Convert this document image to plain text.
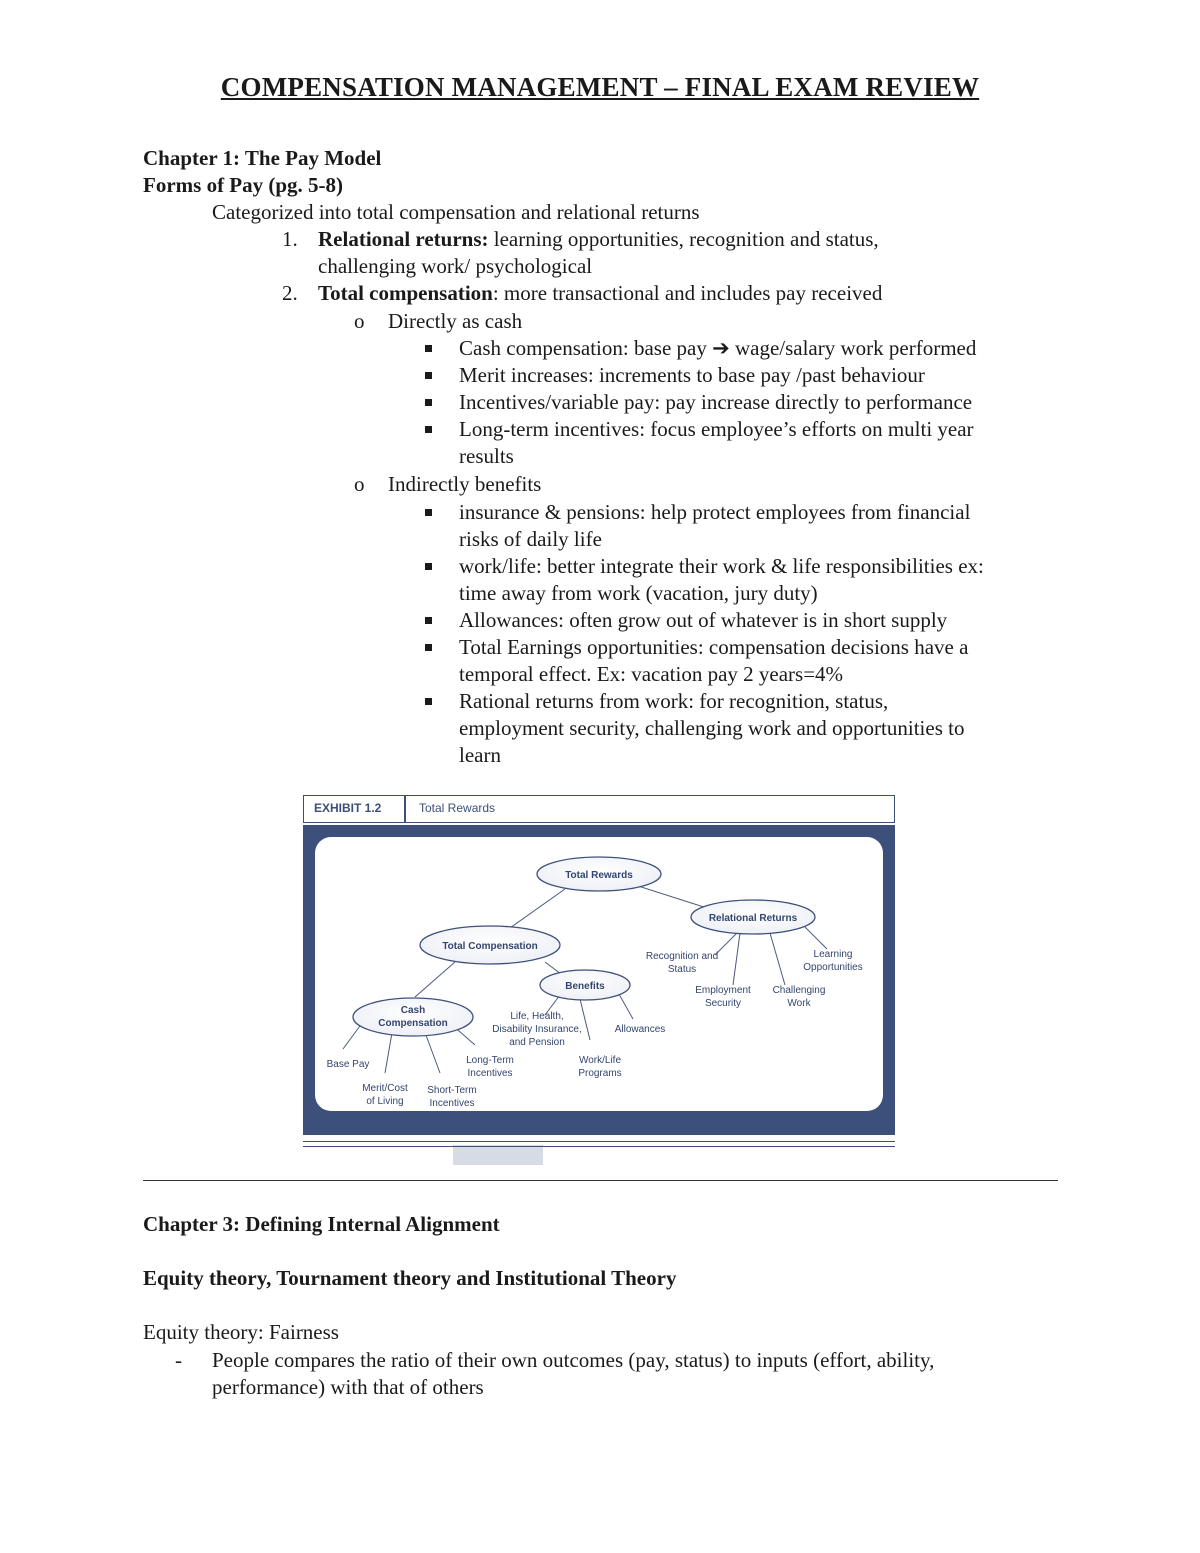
COMPENSATION MANAGEMENT – FINAL EXAM REVIEW
Chapter 1: The Pay Model
Forms of Pay (pg. 5-8)
Categorized into total compensation and relational returns
1. Relational returns: learning opportunities, recognition and status,
challenging work/ psychological
2. Total compensation: more transactional and includes pay received
o Directly as cash
Cash compensation: base pay ➔ wage/salary work performed
Merit increases: increments to base pay /past behaviour
Incentives/variable pay: pay increase directly to performance
Long-term incentives: focus employee’s efforts on multi year
results
o Indirectly benefits
insurance & pensions: help protect employees from financial
risks of daily life
work/life: better integrate their work & life responsibilities ex:
time away from work (vacation, jury duty)
Allowances: often grow out of whatever is in short supply
Total Earnings opportunities: compensation decisions have a
temporal effect. Ex: vacation pay 2 years=4%
Rational returns from work: for recognition, status,
employment security, challenging work and opportunities to
learn
EXHIBIT 1.2	Total Rewards
Total Rewards
Relational Returns
Total Compensation
Benefits
Cash
Compensation
Recognition and
Status
Learning
Opportunities
Employment
Security
Challenging
Work
Life, Health,
Disability Insurance,
and Pension
Allowances
Work/Life
Programs
Long-Term
Incentives
Base Pay
Merit/Cost
of Living
Short-Term
Incentives
Chapter 3: Defining Internal Alignment
Equity theory, Tournament theory and Institutional Theory
Equity theory: Fairness
- People compares the ratio of their own outcomes (pay, status) to inputs (effort, ability,
performance) with that of others
